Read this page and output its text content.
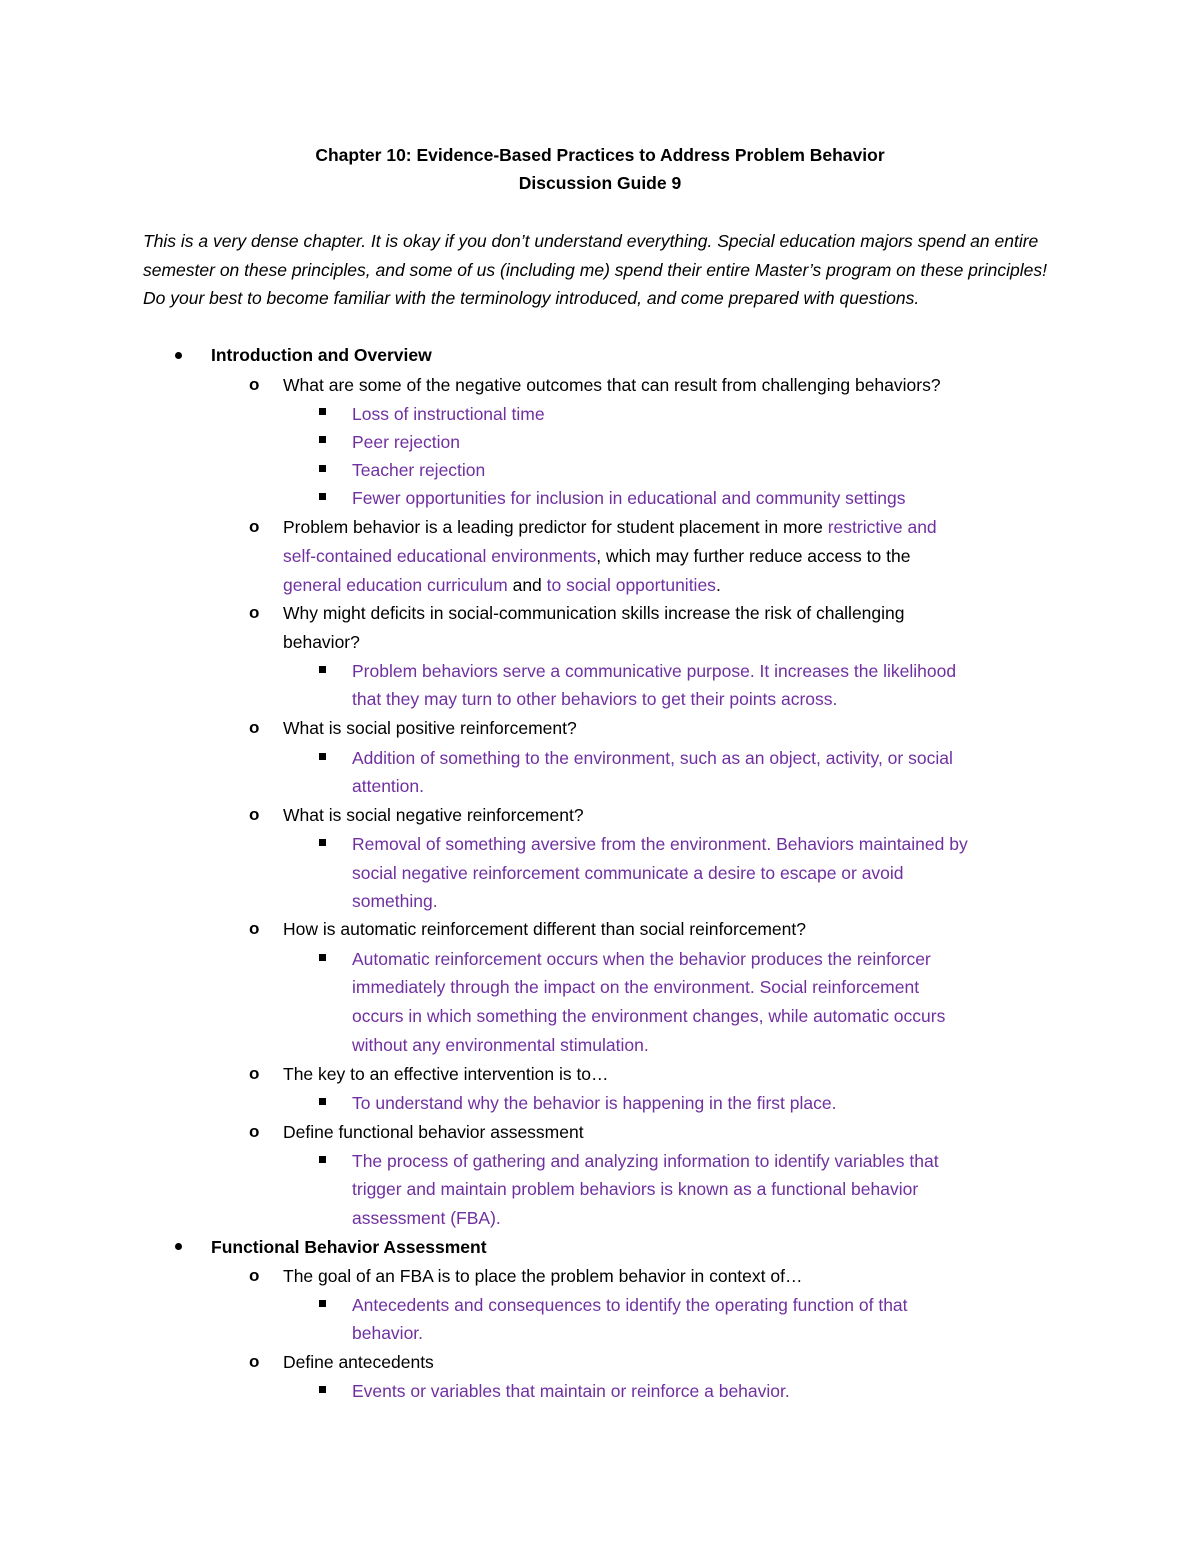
Chapter 10: Evidence-Based Practices to Address Problem Behavior
Discussion Guide 9
This is a very dense chapter. It is okay if you don’t understand everything. Special education majors spend an entire semester on these principles, and some of us (including me) spend their entire Master’s program on these principles! Do your best to become familiar with the terminology introduced, and come prepared with questions.
Introduction and Overview
o What are some of the negative outcomes that can result from challenging behaviors?
Loss of instructional time
Peer rejection
Teacher rejection
Fewer opportunities for inclusion in educational and community settings
o Problem behavior is a leading predictor for student placement in more restrictive and
self-contained educational environments, which may further reduce access to the
general education curriculum and to social opportunities.
o Why might deficits in social-communication skills increase the risk of challenging
behavior?
Problem behaviors serve a communicative purpose. It increases the likelihood
that they may turn to other behaviors to get their points across.
o What is social positive reinforcement?
Addition of something to the environment, such as an object, activity, or social
attention.
o What is social negative reinforcement?
Removal of something aversive from the environment. Behaviors maintained by
social negative reinforcement communicate a desire to escape or avoid
something.
o How is automatic reinforcement different than social reinforcement?
Automatic reinforcement occurs when the behavior produces the reinforcer
immediately through the impact on the environment. Social reinforcement
occurs in which something the environment changes, while automatic occurs
without any environmental stimulation.
o The key to an effective intervention is to…
To understand why the behavior is happening in the first place.
o Define functional behavior assessment
The process of gathering and analyzing information to identify variables that
trigger and maintain problem behaviors is known as a functional behavior
assessment (FBA).
Functional Behavior Assessment
o The goal of an FBA is to place the problem behavior in context of…
Antecedents and consequences to identify the operating function of that
behavior.
o Define antecedents
Events or variables that maintain or reinforce a behavior.
